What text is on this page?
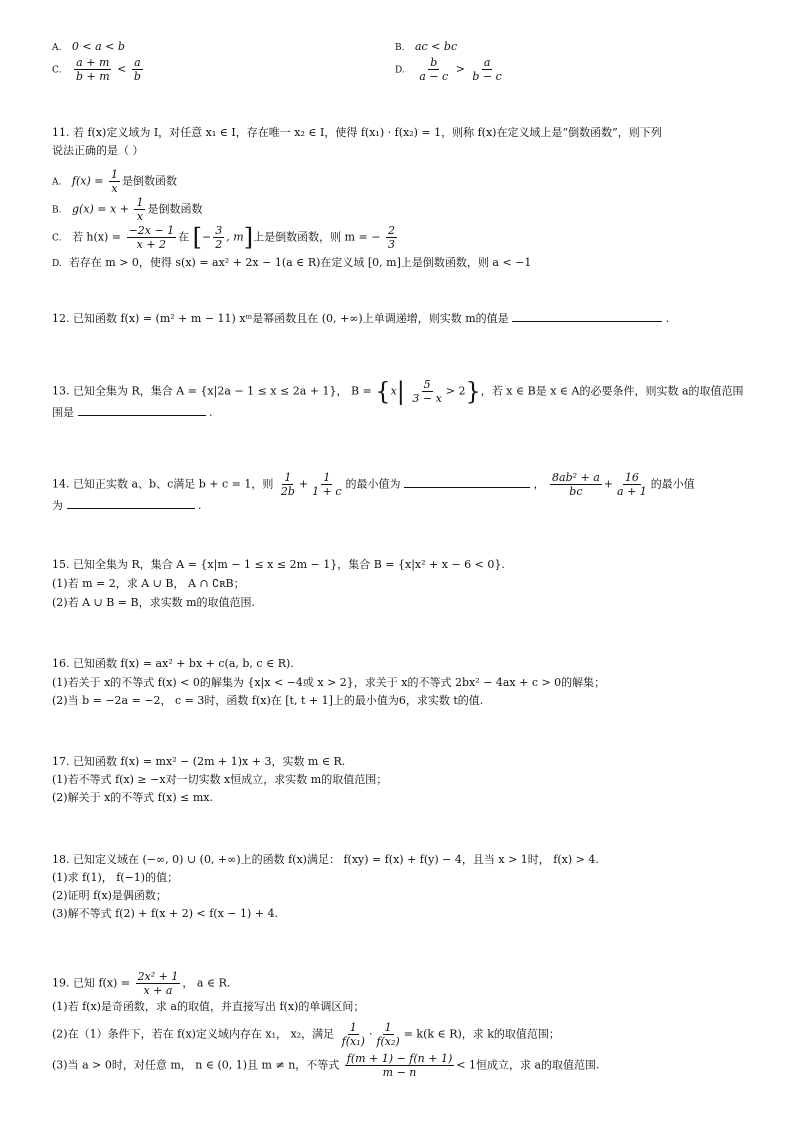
A. 0 < a < b	B. ac < bc
C. $\frac{a + m}{b + m} < \frac{a}{b}$	D. $\frac{b}{a - c} > \frac{a}{b - c}$
11. 若 f(x)定义域为 I，对任意 x₁ ∈ I，存在唯一 x₂ ∈ I，使得 f(x₁) · f(x₂) = 1，则称 f(x)在定义域上是“倒数函数”，则下列
说法正确的是（ ）
A. $f(x) = \frac{1}{x}$ 是倒数函数
B. $g(x) = x + \frac{1}{x}$ 是倒数函数
C. 若 $h(x) = \frac{-2x - 1}{x + 2}$ 在 [− $\frac{3}{2}$ , m]上是倒数函数，则 m = − $\frac{2}{3}$
D. 若存在 m > 0，使得 s(x) = ax² + 2x − 1(a ∈ R)在定义域 [0, m]上是倒数函数，则 a < −1
12. 已知函数 f(x) = (m² + m − 11) xᵐ是幂函数且在 (0, +∞)上单调递增，则实数 m的值是	.
13. 已知全集为 R，集合 A = {x|2a − 1 ≤ x ≤ 2a + 1}， $B = \{x| \frac{5}{3 - x} > 2\}$，若 x ∈ B是 x ∈ A的必要条件，则实数 a的取值范围
围是	.
14. 已知正实数 a、b、c满足 b + c = 1，则 $\frac{1}{2b} + \frac{1}{1 + c}$ 的最小值为	， $\frac{\text{8ab² + a}}{bc} + \frac{16}{a + 1}$ 的最小值
为	.
15. 已知全集为 R，集合 A = {x|m − 1 ≤ x ≤ 2m − 1}，集合 B = {x|x² + x − 6 < 0}.
(1)若 m = 2，求 A ∪ B， A ∩ ∁ʀB；
(2)若 A ∪ B = B，求实数 m的取值范围.
16. 已知函数 f(x) = ax² + bx + c(a, b, c ∈ R).
(1)若关于 x的不等式 f(x) < 0的解集为 {x|x < −4或 x > 2}，求关于 x的不等式 2bx² − 4ax + c > 0的解集；
(2)当 b = −2a = −2， c = 3时，函数 f(x)在 [t, t + 1]上的最小值为6，求实数 t的值.
17. 已知函数 f(x) = mx² − (2m + 1)x + 3，实数 m ∈ R.
(1)若不等式 f(x) ≥ −x对一切实数 x恒成立，求实数 m的取值范围；
(2)解关于 x的不等式 f(x) ≤ mx.
18. 已知定义域在 (−∞, 0) ∪ (0, +∞)上的函数 f(x)满足： f(xy) = f(x) + f(y) − 4，且当 x > 1时， f(x) > 4.
(1)求 f(1)， f(−1)的值；
(2)证明 f(x)是偶函数；
(3)解不等式 f(2) + f(x + 2) < f(x − 1) + 4.
19. 已知 $f(x) = \frac{\text{2x² + 1}}{x + a}$ ， a ∈ R.
(1)若 f(x)是奇函数，求 a的取值，并直接写出 f(x)的单调区间；
(2)在（1）条件下，若在 f(x)定义域内存在 x₁， x₂，满足 $\frac{1}{\text{f(x₁)}} \cdot \frac{1}{\text{f(x₂)}} = k(k$ ∈ R)，求 k的取值范围；
(3)当 a > 0时，对任意 m， n ∈ (0, 1)且 m ≠ n，不等式 $\frac{f(m + 1) - f(n + 1)}{m - n} < 1$恒成立，求 a的取值范围.
